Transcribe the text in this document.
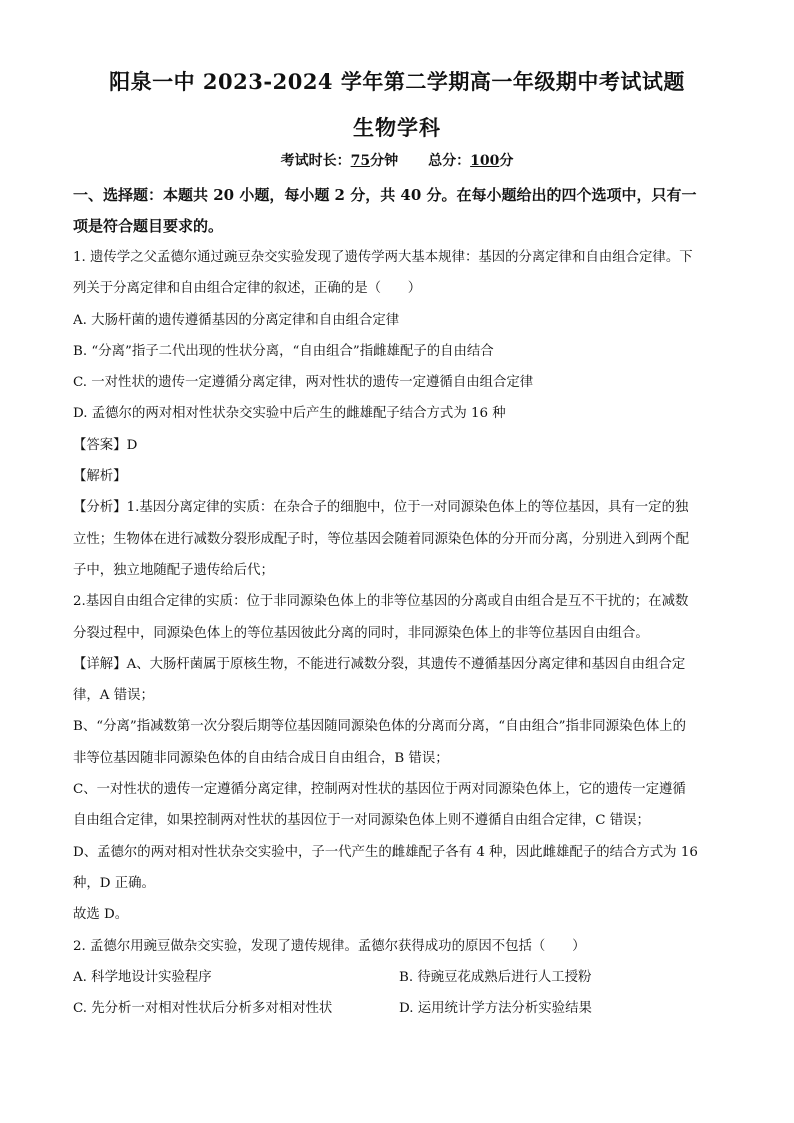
阳泉一中 2023-2024 学年第二学期高一年级期中考试试题
生物学科
考试时长：75分钟 总分：100分
一、选择题：本题共 20 小题，每小题 2 分，共 40 分。在每小题给出的四个选项中，只有一
项是符合题目要求的。
1. 遗传学之父孟德尔通过豌豆杂交实验发现了遗传学两大基本规律：基因的分离定律和自由组合定律。下
列关于分离定律和自由组合定律的叙述，正确的是（　　）
A. 大肠杆菌的遗传遵循基因的分离定律和自由组合定律
B. “分离”指子二代出现的性状分离，“自由组合”指雌雄配子的自由结合
C. 一对性状的遗传一定遵循分离定律，两对性状的遗传一定遵循自由组合定律
D. 孟德尔的两对相对性状杂交实验中后产生的雌雄配子结合方式为 16 种
【答案】D
【解析】
【分析】1.基因分离定律的实质：在杂合子的细胞中，位于一对同源染色体上的等位基因，具有一定的独
立性；生物体在进行减数分裂形成配子时，等位基因会随着同源染色体的分开而分离，分别进入到两个配
子中，独立地随配子遗传给后代；
2.基因自由组合定律的实质：位于非同源染色体上的非等位基因的分离或自由组合是互不干扰的；在减数
分裂过程中，同源染色体上的等位基因彼此分离的同时，非同源染色体上的非等位基因自由组合。
【详解】A、大肠杆菌属于原核生物，不能进行减数分裂，其遗传不遵循基因分离定律和基因自由组合定
律，A 错误；
B、“分离”指减数第一次分裂后期等位基因随同源染色体的分离而分离，“自由组合”指非同源染色体上的
非等位基因随非同源染色体的自由结合成日自由组合，B 错误；
C、一对性状的遗传一定遵循分离定律，控制两对性状的基因位于两对同源染色体上，它的遗传一定遵循
自由组合定律，如果控制两对性状的基因位于一对同源染色体上则不遵循自由组合定律，C 错误；
D、孟德尔的两对相对性状杂交实验中，子一代产生的雌雄配子各有 4 种，因此雌雄配子的结合方式为 16
种，D 正确。
故选 D。
2. 孟德尔用豌豆做杂交实验，发现了遗传规律。孟德尔获得成功的原因不包括（　　）
A. 科学地设计实验程序	B. 待豌豆花成熟后进行人工授粉
C. 先分析一对相对性状后分析多对相对性状	D. 运用统计学方法分析实验结果
